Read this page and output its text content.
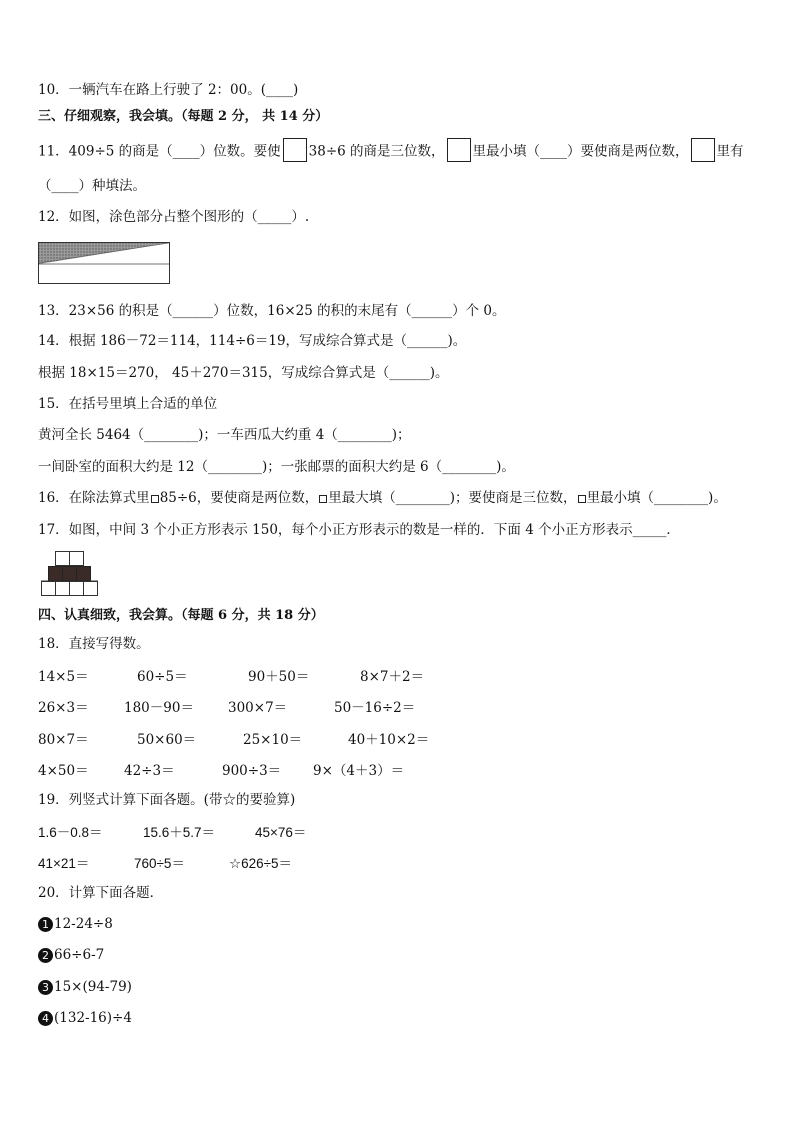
10．一辆汽车在路上行驶了 2：00。(____)
三、仔细观察，我会填。（每题 2 分， 共 14 分）
11．409÷5 的商是（____）位数。要使 38÷6 的商是三位数， 里最小填（____）要使商是两位数， 里有
（____）种填法。
12．如图，涂色部分占整个图形的（_____）.
13．23×56 的积是（______）位数，16×25 的积的末尾有（______）个 0。
14．根据 186－72＝114，114÷6＝19，写成综合算式是（______)。
根据 18×15＝270， 45＋270＝315，写成综合算式是（______)。
15．在括号里填上合适的单位
黄河全长 5464（________)；一车西瓜大约重 4（________)；
一间卧室的面积大约是 12（________)；一张邮票的面积大约是 6（________)。
16．在除法算式里 85÷6，要使商是两位数， 里最大填（________)；要使商是三位数， 里最小填（________)。
17．如图，中间 3 个小正方形表示 150，每个小正方形表示的数是一样的．下面 4 个小正方形表示_____．
四、认真细致，我会算。（每题 6 分，共 18 分）
18．直接写得数。
14×5＝	60÷5＝	90＋50＝	8×7＋2＝
26×3＝	180－90＝	300×7＝	50－16÷2＝
80×7＝	50×60＝	25×10＝	40＋10×2＝
4×50＝	42÷3＝	900÷3＝ 9×（4＋3）＝
19．列竖式计算下面各题。(带☆的要验算)
1.6－0.8＝	15.6＋5.7＝	45×76＝
41×21＝	760÷5＝	☆626÷5＝
20．计算下面各题．
1 12-24÷8
2 66÷6-7
3 15×(94-79)
4 (132-16)÷4
